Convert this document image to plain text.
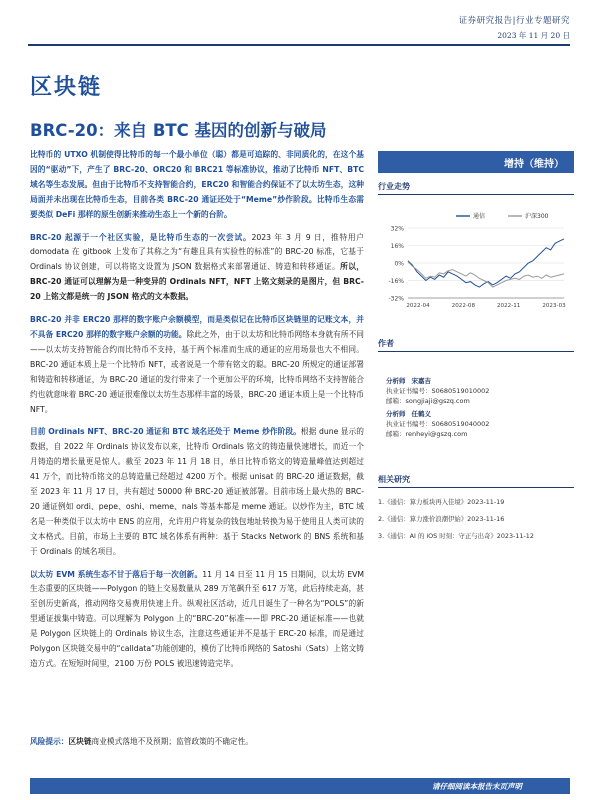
证券研究报告|行业专题研究
2023 年 11 月 20 日
区块链
BRC-20：来自 BTC 基因的创新与破局

比特币的 UTXO 机制使得比特币的每一个最小单位（聪）都是可追踪的、非同质化的，在这个基因的“驱动”下，产生了 BRC-20、ORC20 和 BRC21 等标准协议，推动了比特币 NFT、BTC 域名等生态发展。但由于比特币不支持智能合约，ERC20 和智能合约保证不了以太坊生态，这种局面并未出现在比特币生态，目前各类 BRC-20 通证还处于“Meme”炒作阶段。比特币生态需要类似 DeFi 那样的原生创新来推动生态上一个新的台阶。

BRC-20 起源于一个社区实验，是比特币生态的一次尝试。2023 年 3 月 9 日，推特用户 domodata 在 gitbook 上发布了其称之为“有趣且具有实验性的标准”的 BRC-20 标准，它基于 Ordinals 协议创建，可以将铭文设置为 JSON 数据格式来部署通证、铸造和转移通证。所以，BRC-20 通证可以理解为是一种变异的 Ordinals NFT，NFT 上铭文刻录的是图片，但 BRC-20 上铭文都是统一的 JSON 格式的文本数据。

BRC-20 并非 ERC20 那样的数字账户余额模型，而是类似记在比特币区块链里的记账文本，并不具备 ERC20 那样的数字账户余额的功能。除此之外，由于以太坊和比特币网络本身就有所不同——以太坊支持智能合约而比特币不支持，基于两个标准而生成的通证的应用场景也大不相同。BRC-20 通证本质上是一个比特币 NFT，或者说是一个带有铭文的聪。BRC-20 所规定的通证部署和铸造和转移通证，为 BRC-20 通证的发行带来了一个更加公平的环境，比特币网络不支持智能合约也就意味着 BRC-20 通证很难像以太坊生态那样丰富的场景，BRC-20 通证本质上是一个比特币 NFT。

目前 Ordinals NFT、BRC-20 通证和 BTC 域名还处于 Meme 炒作阶段。根据 dune 显示的数据，自 2022 年 Ordinals 协议发布以来，比特币 Ordinals 铭文的铸造量快速增长，而近一个月铸造的增长量更是惊人。截至 2023 年 11 月 18 日，单日比特币铭文的铸造量峰值达到超过 41 万个，而比特币铭文的总铸造量已经超过 4200 万个。根据 unisat 的 BRC-20 通证数据，截至 2023 年 11 月 17 日，共有超过 50000 种 BRC-20 通证被部署。目前市场上最火热的 BRC-20 通证例如 ordi、pepe、oshi、meme、nals 等基本都是 meme 通证。以炒作为主，BTC 域名是一种类似于以太坊中 ENS 的应用，允许用户将复杂的钱包地址转换为易于使用且人类可读的文本格式。目前，市场上主要的 BTC 域名体系有两种：基于 Stacks Network 的 BNS 系统和基于 Ordinals 的域名项目。

以太坊 EVM 系统生态不甘于落后于每一次创新。11 月 14 日至 11 月 15 日期间，以太坊 EVM 生态重要的区块链——Polygon 的链上交易数量从 289 万笔飙升至 617 万笔，此后持续走高，甚至创历史新高，推动网络交易费用快速上升。纵观社区活动，近几日诞生了一种名为“POLS”的新型通证拔集中铸造。可以理解为 Polygon 上的“BRC-20”标准——即 PRC-20 通证标准——也就是 Polygon 区块链上的 Ordinals 协议生态，注意这些通证并不是基于 ERC-20 标准，而是通过 Polygon 区块链交易中的“calldata”功能创建的，模仿了比特币网络的 Satoshi（Sats）上铭文铸造方式。在短短时间里，2100 万份 POLS 被迅速铸造完毕。

风险提示：区块链商业模式落地不及预期；监管政策的不确定性。
增持（维持）
行业走势
32%
16%
0%
-16%
-32%
2022-04	2022-08	2022-11	2023-03
通信	沪深300
作者
分析师 宋嘉吉
执业证书编号：S0680519010002
邮箱：songjiaji@gszq.com
分析师 任鹤义
执业证书编号：S0680519040002
邮箱：renheyi@gszq.com
相关研究
1.《通信：算力板块再入佳境》2023-11-19
2.《通信：算力涨价浪潮伊始》2023-11-16
3.《通信：AI 的 iOS 时刻：守正与出奇》2023-11-12
请仔细阅读本报告末页声明
